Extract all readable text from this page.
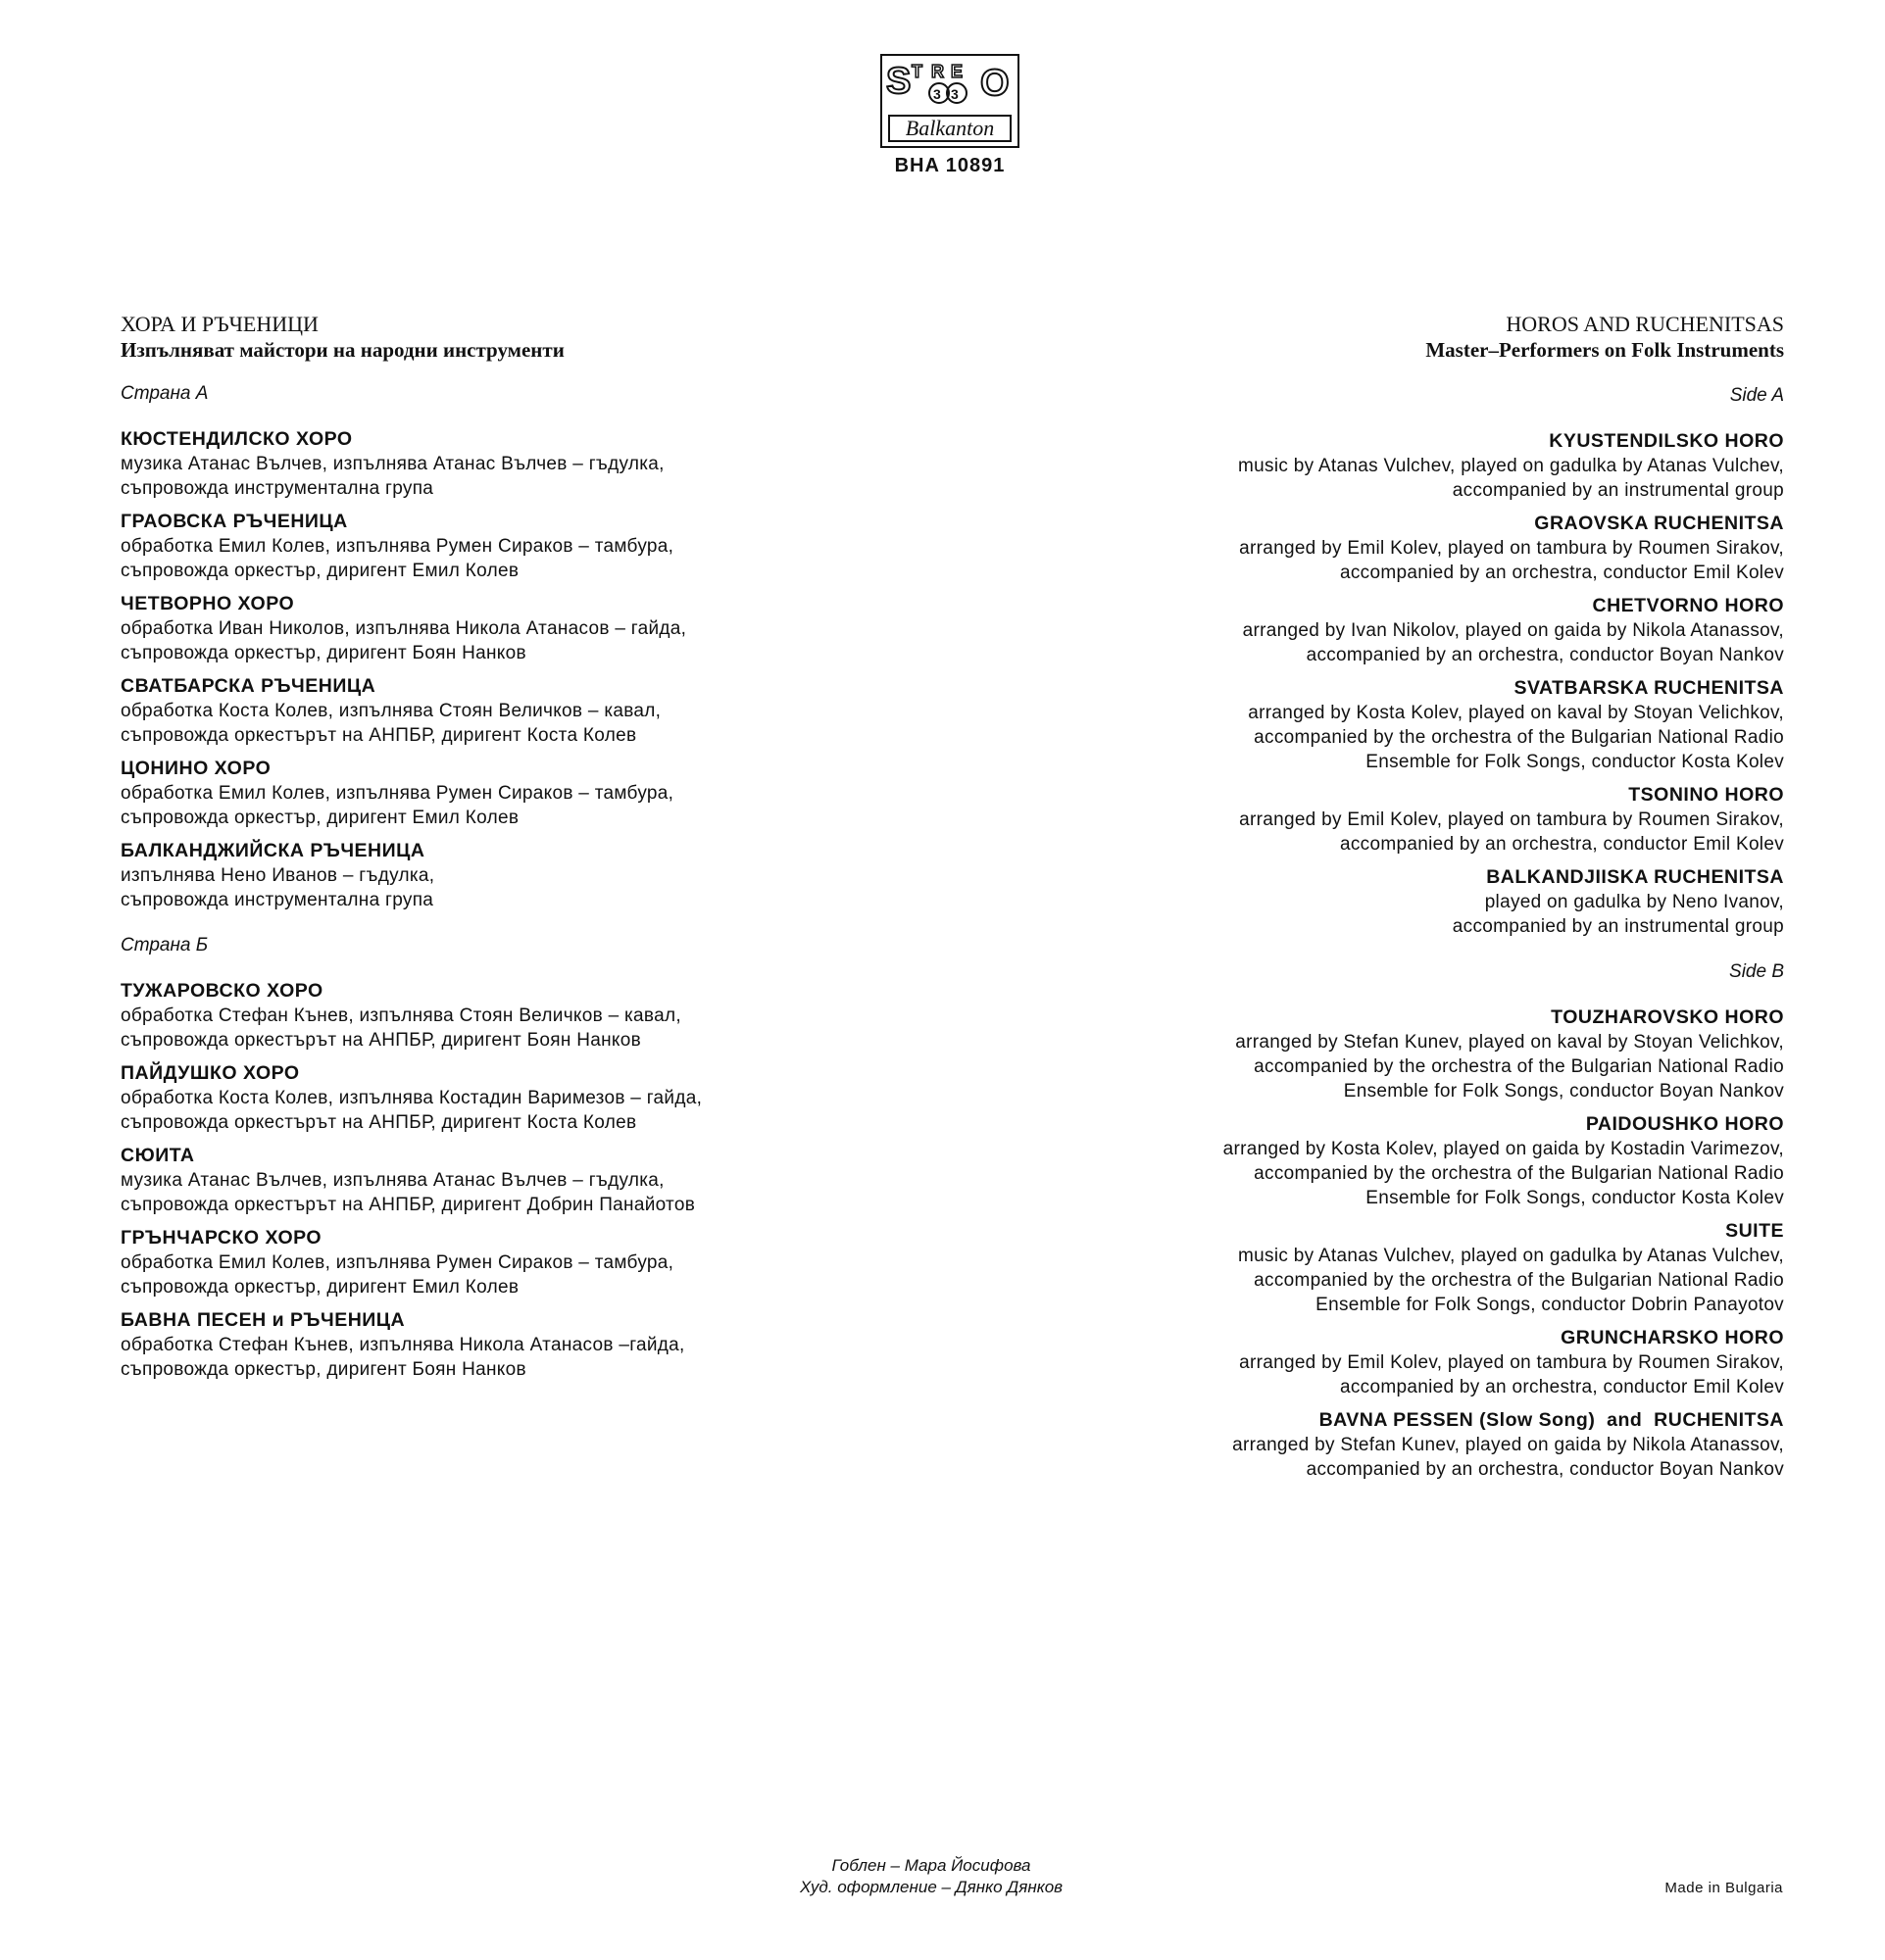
S T R E O
3 3
Balkanton
BHA 10891

ХОРА И РЪЧЕНИЦИ

Изпълняват майстори на народни инструменти

Страна А
КЮСТЕНДИЛСКО ХОРО
музика Атанас Вълчев, изпълнява Атанас Вълчев – гъдулка,
съпровожда инструментална група
ГРАОВСКА РЪЧЕНИЦА
обработка Емил Колев, изпълнява Румен Сираков – тамбура,
съпровожда оркестър, диригент Емил Колев
ЧЕТВОРНО ХОРО
обработка Иван Николов, изпълнява Никола Атанасов – гайда,
съпровожда оркестър, диригент Боян Нанков
СВАТБАРСКА РЪЧЕНИЦА
обработка Коста Колев, изпълнява Стоян Величков – кавал,
съпровожда оркестърът на АНПБР, диригент Коста Колев
ЦОНИНО ХОРО
обработка Емил Колев, изпълнява Румен Сираков – тамбура,
съпровожда оркестър, диригент Емил Колев
БАЛКАНДЖИЙСКА РЪЧЕНИЦА
изпълнява Нено Иванов – гъдулка,
съпровожда инструментална група
Страна Б
ТУЖАРОВСКО ХОРО
обработка Стефан Кънев, изпълнява Стоян Величков – кавал,
съпровожда оркестърът на АНПБР, диригент Боян Нанков
ПАЙДУШКО ХОРО
обработка Коста Колев, изпълнява Костадин Варимезов – гайда,
съпровожда оркестърът на АНПБР, диригент Коста Колев
СЮИТА
музика Атанас Вълчев, изпълнява Атанас Вълчев – гъдулка,
съпровожда оркестърът на АНПБР, диригент Добрин Панайотов
ГРЪНЧАРСКО ХОРО
обработка Емил Колев, изпълнява Румен Сираков – тамбура,
съпровожда оркестър, диригент Емил Колев
БАВНА ПЕСЕН и РЪЧЕНИЦА
обработка Стефан Кънев, изпълнява Никола Атанасов –гайда,
съпровожда оркестър, диригент Боян Нанков

HOROS AND RUCHENITSAS

Master–Performers on Folk Instruments

Side A
KYUSTENDILSKO HORO
music by Atanas Vulchev, played on gadulka by Atanas Vulchev,
accompanied by an instrumental group
GRAOVSKA RUCHENITSA
arranged by Emil Kolev, played on tambura by Roumen Sirakov,
accompanied by an orchestra, conductor Emil Kolev
CHETVORNO HORO
arranged by Ivan Nikolov, played on gaida by Nikola Atanassov,
accompanied by an orchestra, conductor Boyan Nankov
SVATBARSKA RUCHENITSA
arranged by Kosta Kolev, played on kaval by Stoyan Velichkov,
accompanied by the orchestra of the Bulgarian National Radio
Ensemble for Folk Songs, conductor Kosta Kolev
TSONINO HORO
arranged by Emil Kolev, played on tambura by Roumen Sirakov,
accompanied by an orchestra, conductor Emil Kolev
BALKANDJIISKA RUCHENITSA
played on gadulka by Neno Ivanov,
accompanied by an instrumental group
Side B
TOUZHAROVSKO HORO
arranged by Stefan Kunev, played on kaval by Stoyan Velichkov,
accompanied by the orchestra of the Bulgarian National Radio
Ensemble for Folk Songs, conductor Boyan Nankov
PAIDOUSHKO HORO
arranged by Kosta Kolev, played on gaida by Kostadin Varimezov,
accompanied by the orchestra of the Bulgarian National Radio
Ensemble for Folk Songs, conductor Kosta Kolev
SUITE
music by Atanas Vulchev, played on gadulka by Atanas Vulchev,
accompanied by the orchestra of the Bulgarian National Radio
Ensemble for Folk Songs, conductor Dobrin Panayotov
GRUNCHARSKO HORO
arranged by Emil Kolev, played on tambura by Roumen Sirakov,
accompanied by an orchestra, conductor Emil Kolev
BAVNA PESSEN (Slow Song)  and  RUCHENITSA
arranged by Stefan Kunev, played on gaida by Nikola Atanassov,
accompanied by an orchestra, conductor Boyan Nankov
Гоблен – Мара Йосифова
Худ. оформление – Дянко Дянков	Made in Bulgaria
